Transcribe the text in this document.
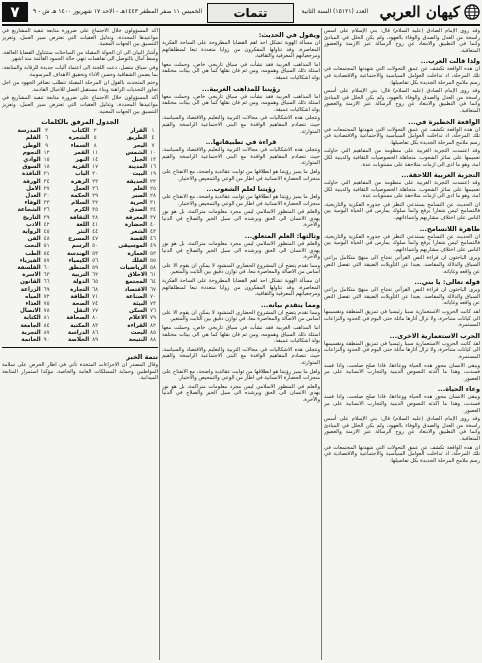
٧	الخميس ١١ صفر المظفر ١٤٤٣هـ - الاحد ١٧ شهريور ١٤٠٠ هـ ش - ٩	تتمات	العدد (١٥١٢١) السنة الثانية كيهان العربي
وقد روى الإمام الصادق (عليه السلام) قال: بني الإسلام على أسس راسخة من العدل والصدق والوفاء بالعهود، ولم يكن الخلل في المبادئ وانما في التطبيق والابتعاد عن روح الرسالة عبر الازمنة والعصور المتعاقبة.
ولذا قالت العرب...
ان هذه الواقعة تكشف عن عمق التحولات التي شهدتها المجتمعات في تلك المرحلة، اذ تداخلت العوامل السياسية والاجتماعية والاقتصادية في رسم ملامح المرحلة الجديدة بكل تفاصيلها.
وقد روى الإمام الصادق (عليه السلام) قال: بني الإسلام على أسس راسخة من العدل والصدق والوفاء بالعهود، ولم يكن الخلل في المبادئ وانما في التطبيق والابتعاد عن روح الرسالة عبر الازمنة والعصور المتعاقبة.
الواقعة الخطيرة في...
ان هذه الواقعة تكشف عن عمق التحولات التي شهدتها المجتمعات في تلك المرحلة، اذ تداخلت العوامل السياسية والاجتماعية والاقتصادية في رسم ملامح المرحلة الجديدة بكل تفاصيلها.
وقد اعتمدت التجربة الغربية على منظومة من المفاهيم التي حاولت تعميمها على سائر الشعوب، متجاهلة الخصوصيات الثقافية والدينية لكل امة، وهو ما ادى الى ازمات متلاحقة على مستويات عدة.
التجربة الغربية اللاحقة...
وقد اعتمدت التجربة الغربية على منظومة من المفاهيم التي حاولت تعميمها على سائر الشعوب، متجاهلة الخصوصيات الثقافية والدينية لكل امة، وهو ما ادى الى ازمات متلاحقة على مستويات عدة.
ان الحديث عن التسامح يستدعي النظر في جذوره الفكرية والتاريخية، فالتسامح ليس شعارا يرفع وانما سلوك يمارس في الحياة اليومية بين الناس على اختلاف مشاربهم وانتماءاتهم.
ظاهرة اللاتسامح...
ان الحديث عن التسامح يستدعي النظر في جذوره الفكرية والتاريخية، فالتسامح ليس شعارا يرفع وانما سلوك يمارس في الحياة اليومية بين الناس على اختلاف مشاربهم وانتماءاتهم.
ويرى الباحثون ان قراءة النص القرآني تحتاج الى منهج متكامل يراعي السياق والدلالة والمقاصد، بعيدا عن التأويلات الضيقة التي تفصل النص عن واقعه وغاياته.
قوله تعالى: يا بني...
ويرى الباحثون ان قراءة النص القرآني تحتاج الى منهج متكامل يراعي السياق والدلالة والمقاصد، بعيدا عن التأويلات الضيقة التي تفصل النص عن واقعه وغاياته.
لقد كانت الحروب الاستعمارية سببا رئيسيا في تمزيق المنطقة وتقسيمها الى كيانات متناحرة، ولا تزال آثارها ماثلة حتى اليوم في الحدود والنزاعات المستمرة.
الحرب الاستعمارية الاخرى...
لقد كانت الحروب الاستعمارية سببا رئيسيا في تمزيق المنطقة وتقسيمها الى كيانات متناحرة، ولا تزال آثارها ماثلة حتى اليوم في الحدود والنزاعات المستمرة.
ويبقى الانسان محور هذه الحياة ووعاءها، فاذا صلح صلحت، واذا فسد فسدت، وهذا ما اكدته النصوص الدينية والتجارب الانسانية على مر العصور.
وعاء الحياة...
ويبقى الانسان محور هذه الحياة ووعاءها، فاذا صلح صلحت، واذا فسد فسدت، وهذا ما اكدته النصوص الدينية والتجارب الانسانية على مر العصور.
وقد روى الإمام الصادق (عليه السلام) قال: بني الإسلام على أسس راسخة من العدل والصدق والوفاء بالعهود، ولم يكن الخلل في المبادئ وانما في التطبيق والابتعاد عن روح الرسالة عبر الازمنة والعصور المتعاقبة.
ان هذه الواقعة تكشف عن عمق التحولات التي شهدتها المجتمعات في تلك المرحلة، اذ تداخلت العوامل السياسية والاجتماعية والاقتصادية في رسم ملامح المرحلة الجديدة بكل تفاصيلها.
ويقول في الحديث:
ان مسألة الهوية تشكل احد اهم القضايا المطروحة على الساحة الفكرية المعاصرة، وقد تناولها المفكرون من زوايا متعددة تبعا لمنطلقاتهم ومرجعياتهم المعرفية والثقافية.
اما المذاهب الغربية فقد نشأت في سياق تاريخي خاص، وحملت معها اسئلة ذلك السياق وهمومه، ومن ثم فان نقلها كما هي الى بيئات مختلفة يولد اشكاليات عميقة.
رؤيتنا للمذاهب الغربية...
اما المذاهب الغربية فقد نشأت في سياق تاريخي خاص، وحملت معها اسئلة ذلك السياق وهمومه، ومن ثم فان نقلها كما هي الى بيئات مختلفة يولد اشكاليات عميقة.
وتتجلى هذه الاشكاليات في مجالات التربية والتعليم والاقتصاد والسياسة، حيث تتصادم المفاهيم الوافدة مع البنى الاجتماعية الراسخة والقيم المتوارثة.
قراءة في تطبيقاتها...
وتتجلى هذه الاشكاليات في مجالات التربية والتعليم والاقتصاد والسياسة، حيث تتصادم المفاهيم الوافدة مع البنى الاجتماعية الراسخة والقيم المتوارثة.
ولعل ما يميز رؤيتنا هو انطلاقها من ثوابت عقائدية واضحة، مع الانفتاح على منجزات الحضارة الانسانية في اطار من الوعي والتمحيص والاختيار.
رؤيتنا لعلم الشعوب...
ولعل ما يميز رؤيتنا هو انطلاقها من ثوابت عقائدية واضحة، مع الانفتاح على منجزات الحضارة الانسانية في اطار من الوعي والتمحيص والاختيار.
والعلم في المنظور الاسلامي ليس مجرد معلومات متراكمة، بل هو نور يهدي الانسان الى الحق ويرشده الى سبل الخير والصلاح في الدنيا والآخرة.
وثالثها: العلم المتعلق...
والعلم في المنظور الاسلامي ليس مجرد معلومات متراكمة، بل هو نور يهدي الانسان الى الحق ويرشده الى سبل الخير والصلاح في الدنيا والآخرة.
ومما تقدم يتضح ان المشروع الحضاري المنشود لا يمكن ان يقوم الا على اساس من الاصالة والمعاصرة معا، في توازن دقيق بين الثابت والمتغير.
ان مسألة الهوية تشكل احد اهم القضايا المطروحة على الساحة الفكرية المعاصرة، وقد تناولها المفكرون من زوايا متعددة تبعا لمنطلقاتهم ومرجعياتهم المعرفية والثقافية.
ومما يتقدم بيانه...
ومما تقدم يتضح ان المشروع الحضاري المنشود لا يمكن ان يقوم الا على اساس من الاصالة والمعاصرة معا، في توازن دقيق بين الثابت والمتغير.
اما المذاهب الغربية فقد نشأت في سياق تاريخي خاص، وحملت معها اسئلة ذلك السياق وهمومه، ومن ثم فان نقلها كما هي الى بيئات مختلفة يولد اشكاليات عميقة.
وتتجلى هذه الاشكاليات في مجالات التربية والتعليم والاقتصاد والسياسة، حيث تتصادم المفاهيم الوافدة مع البنى الاجتماعية الراسخة والقيم المتوارثة.
ولعل ما يميز رؤيتنا هو انطلاقها من ثوابت عقائدية واضحة، مع الانفتاح على منجزات الحضارة الانسانية في اطار من الوعي والتمحيص والاختيار.
والعلم في المنظور الاسلامي ليس مجرد معلومات متراكمة، بل هو نور يهدي الانسان الى الحق ويرشده الى سبل الخير والصلاح في الدنيا والآخرة.
أكد المسؤولون خلال الاجتماع على ضرورة متابعة تنفيذ المشاريع في مواعيدها المحددة، وتذليل العقبات التي تعترض سير العمل، وتعزيز التنسيق بين الجهات المعنية.
وأشار البيان الى ان الجولة المقبلة من المباحثات ستتناول القضايا العالقة، وسط آمال بالتوصل الى تفاهمات تنهي حالة الجمود القائمة منذ اشهر.
وفي سياق متصل، دعت اللجنة الى اعتماد آليات جديدة للرقابة والمتابعة، بما يضمن الشفافية وحسن الاداء وتحقيق الاهداف المرسومة.
وختم المتحدث بالقول ان المرحلة المقبلة تتطلب تضافر الجهود من اجل تجاوز التحديات الراهنة وبناء مستقبل افضل للاجيال القادمة.
أكد المسؤولون خلال الاجتماع على ضرورة متابعة تنفيذ المشاريع في مواعيدها المحددة، وتذليل العقبات التي تعترض سير العمل، وتعزيز التنسيق بين الجهات المعنية.
الجدول المرفق بالكلمات
١	القرار	٢	الكتاب	٣	المدرسة
٤	الطريق	٥	الشجرة	٦	القلم
٧	البحر	٨	السماء	٩	الوطن
١٠	الشمس	١١	القمر	١٢	النجوم
١٣	الجبل	١٤	النهر	١٥	الوادي
١٦	المدينة	١٧	القرية	١٨	السوق
١٩	البيت	٢٠	الباب	٢١	النافذة
٢٢	الحديقة	٢٣	الزهرة	٢٤	الورقة
٢٥	العلم	٢٦	العمل	٢٧	الامل
٢٨	الصبر	٢٩	الحكمة	٣٠	العدل
٣١	الحرية	٣٢	السلام	٣٣	الوفاء
٣٤	الصدق	٣٥	الكرم	٣٦	الشجاعة
٣٧	المعرفة	٣٨	الثقافة	٣٩	التاريخ
٤٠	الحضارة	٤١	اللغة	٤٢	الادب
٤٣	الشعر	٤٤	النثر	٤٥	الرواية
٤٦	القصة	٤٧	المسرح	٤٨	الفن
٤٩	الموسيقى	٥٠	الرسم	٥١	النحت
٥٢	العمارة	٥٣	الهندسة	٥٤	الطب
٥٥	الفلك	٥٦	الكيمياء	٥٧	الفيزياء
٥٨	الرياضيات	٥٩	المنطق	٦٠	الفلسفة
٦١	الاخلاق	٦٢	التربية	٦٣	الاسرة
٦٤	المجتمع	٦٥	الدولة	٦٦	القانون
٦٧	الاقتصاد	٦٨	التجارة	٦٩	الزراعة
٧٠	الصناعة	٧١	الطاقة	٧٢	المياه
٧٣	البيئة	٧٤	الصحة	٧٥	الغذاء
٧٦	السكن	٧٧	النقل	٧٨	الاتصال
٧٩	الاعلام	٨٠	الصحافة	٨١	الكتابة
٨٢	القراءة	٨٣	المكتبة	٨٤	الجامعة
٨٥	البحث	٨٦	الدراسة	٨٧	التجربة
٨٨	النتيجة	٨٩	الخلاصة	٩٠	الخاتمة
تتمة الخبر
وقال المصدر ان الاجراءات المتخذة تأتي في اطار الحرص على سلامة المواطنين وحماية الممتلكات العامة والخاصة، مؤكدا استمرار المتابعة الميدانية.
